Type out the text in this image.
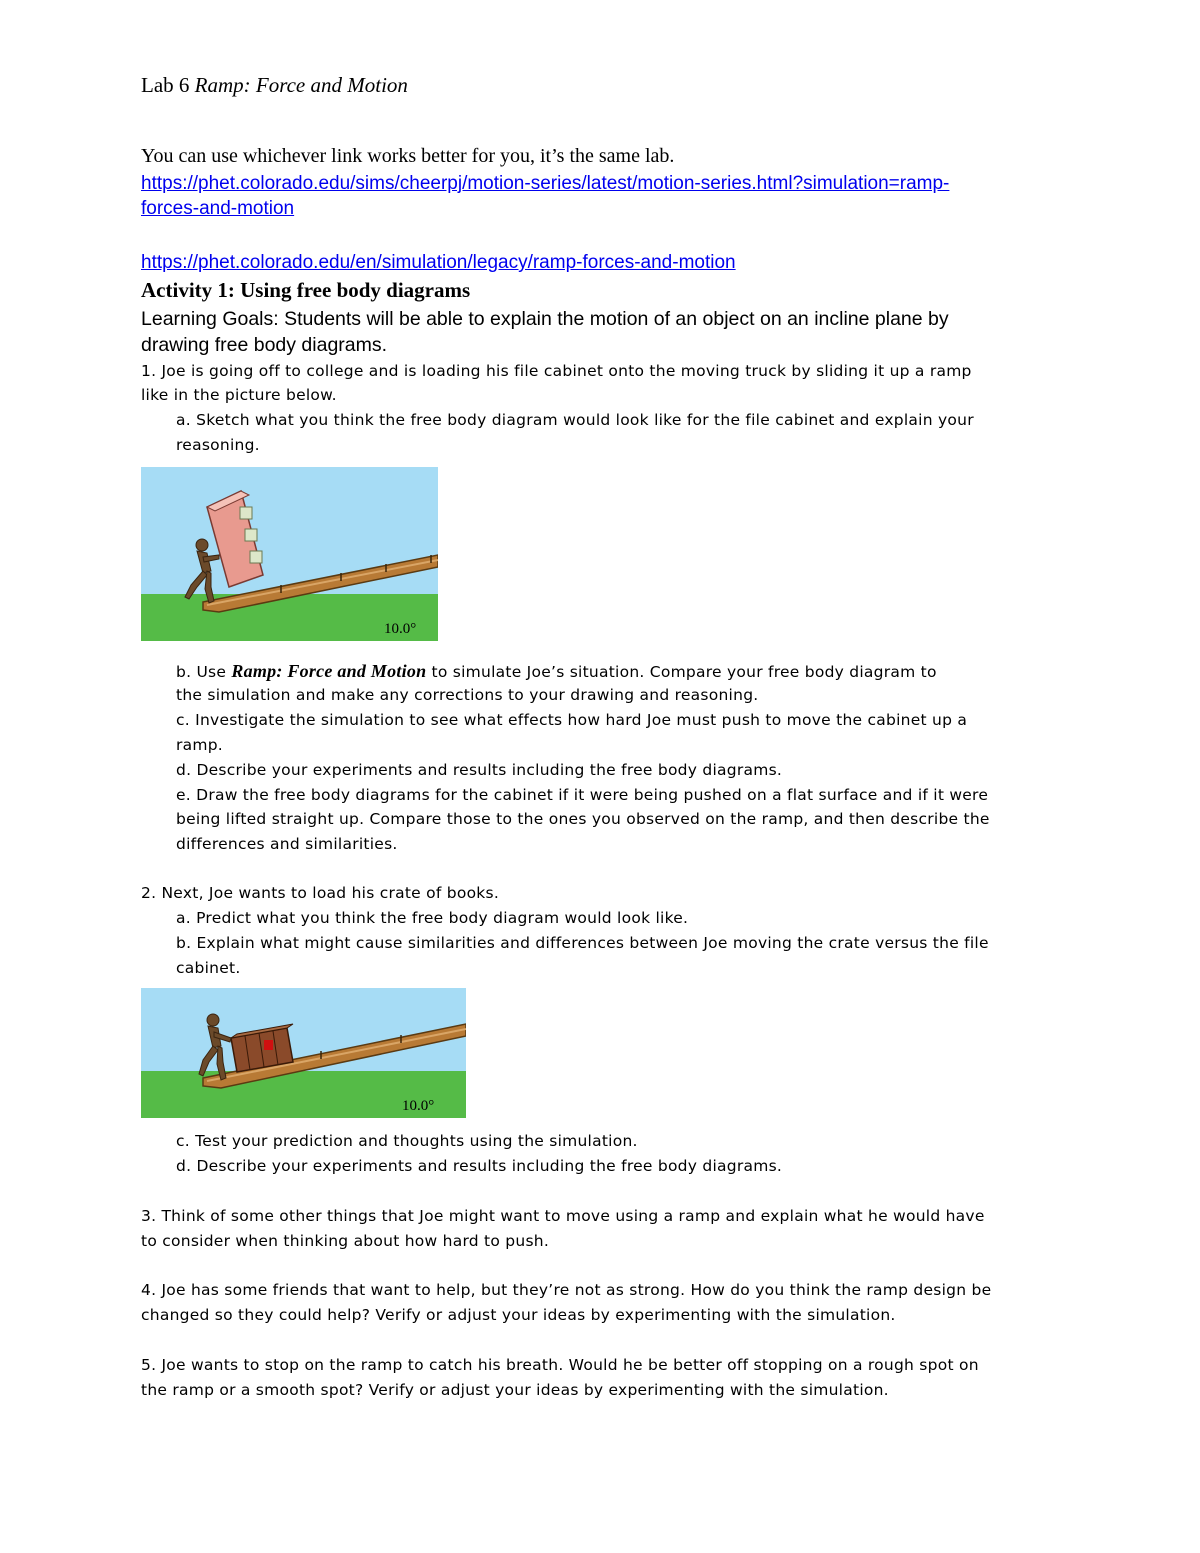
Lab 6 Ramp: Force and Motion
You can use whichever link works better for you, it’s the same lab.
https://phet.colorado.edu/sims/cheerpj/motion-series/latest/motion-series.html?simulation=ramp-
forces-and-motion
https://phet.colorado.edu/en/simulation/legacy/ramp-forces-and-motion
Activity 1: Using free body diagrams
Learning Goals: Students will be able to explain the motion of an object on an incline plane by
drawing free body diagrams.
1. Joe is going off to college and is loading his file cabinet onto the moving truck by sliding it up a ramp
like in the picture below.
a. Sketch what you think the free body diagram would look like for the file cabinet and explain your
reasoning.
10.0°
b. Use Ramp: Force and Motion to simulate Joe’s situation. Compare your free body diagram to
the simulation and make any corrections to your drawing and reasoning.
c. Investigate the simulation to see what effects how hard Joe must push to move the cabinet up a
ramp.
d. Describe your experiments and results including the free body diagrams.
e. Draw the free body diagrams for the cabinet if it were being pushed on a flat surface and if it were
being lifted straight up. Compare those to the ones you observed on the ramp, and then describe the
differences and similarities.
2. Next, Joe wants to load his crate of books.
a. Predict what you think the free body diagram would look like.
b. Explain what might cause similarities and differences between Joe moving the crate versus the file
cabinet.
10.0°
c. Test your prediction and thoughts using the simulation.
d. Describe your experiments and results including the free body diagrams.
3. Think of some other things that Joe might want to move using a ramp and explain what he would have
to consider when thinking about how hard to push.
4. Joe has some friends that want to help, but they’re not as strong. How do you think the ramp design be
changed so they could help? Verify or adjust your ideas by experimenting with the simulation.
5. Joe wants to stop on the ramp to catch his breath. Would he be better off stopping on a rough spot on
the ramp or a smooth spot? Verify or adjust your ideas by experimenting with the simulation.
